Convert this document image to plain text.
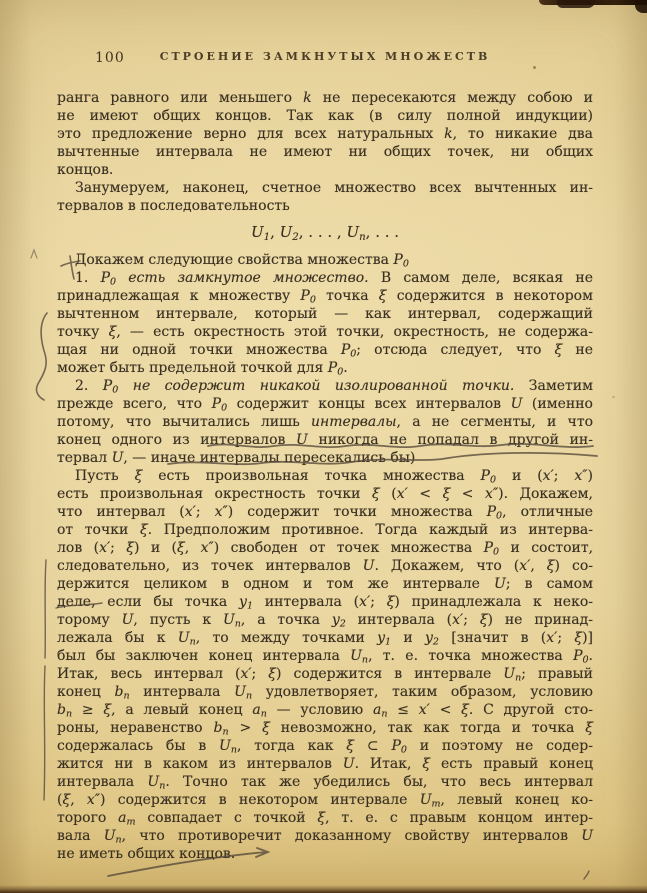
100	СТРОЕНИЕ ЗАМКНУТЫХ МНОЖЕСТВ
ранга равного или меньшего k не пересекаются между собою и
не имеют общих концов. Так как (в силу полной индукции)
это предложение верно для всех натуральных k, то никакие два
вычтенные интервала не имеют ни общих точек, ни общих
концов.
Занумеруем, наконец, счетное множество всех вычтенных ин-
тервалов в последовательность
$U_1$, $U_2$, . . . , $U_n$, . . .
Докажем следующие свойства множества $P_0$
1. $P_0$ есть замкнутое множество. В самом деле, всякая не
принадлежащая к множеству $P_0$ точка ξ содержится в некотором
вычтенном интервале, который — как интервал, содержащий
точку ξ, — есть окрестность этой точки, окрестность, не содержа-
щая ни одной точки множества $P_0$; отсюда следует, что ξ не
может быть предельной точкой для $P_0$.
2. $P_0$ не содержит никакой изолированной точки. Заметим
прежде всего, что $P_0$ содержит концы всех интервалов U (именно
потому, что вычитались лишь интервалы, а не сегменты, и что
конец одного из интервалов U никогда не попадал в другой ин-
тервал U, — иначе интервалы пересекались бы)
Пусть ξ есть произвольная точка множества $P_0$ и (x′; x″)
есть произвольная окрестность точки ξ (x′ < ξ < x″). Докажем,
что интервал (x′; x″) содержит точки множества $P_0$, отличные
от точки ξ. Предположим противное. Тогда каждый из интерва-
лов (x′; ξ) и (ξ, x″) свободен от точек множества $P_0$ и состоит,
следовательно, из точек интервалов U. Докажем, что (x′, ξ) со-
держится целиком в одном и том же интервале U; в самом
деле, если бы точка $y_1$ интервала (x′; ξ) принадлежала к неко-
торому U, пусть к $U_n$, а точка $y_2$ интервала (x′; ξ) не принад-
лежала бы к $U_n$, то между точками $y_1$ и $y_2$ [значит в (x′; ξ)]
был бы заключен конец интервала $U_n$, т. е. точка множества $P_0$.
Итак, весь интервал (x′; ξ) содержится в интервале $U_n$; правый
конец $b_n$ интервала $U_n$ удовлетворяет, таким образом, условию
$b_n \ge \xi$, а левый конец $a_n$ — условию $a_n \le x' < \xi$. С другой сто-
роны, неравенство $b_n > \xi$ невозможно, так как тогда и точка ξ
содержалась бы в $U_n$, тогда как ξ ⊂ $P_0$ и поэтому не содер-
жится ни в каком из интервалов U. Итак, ξ есть правый конец
интервала $U_n$. Точно так же убедились бы, что весь интервал
(ξ, x″) содержится в некотором интервале $U_m$, левый конец ко-
торого $a_m$ совпадает с точкой ξ, т. е. с правым концом интер-
вала $U_n$, что противоречит доказанному свойству интервалов U
не иметь общих концов.
